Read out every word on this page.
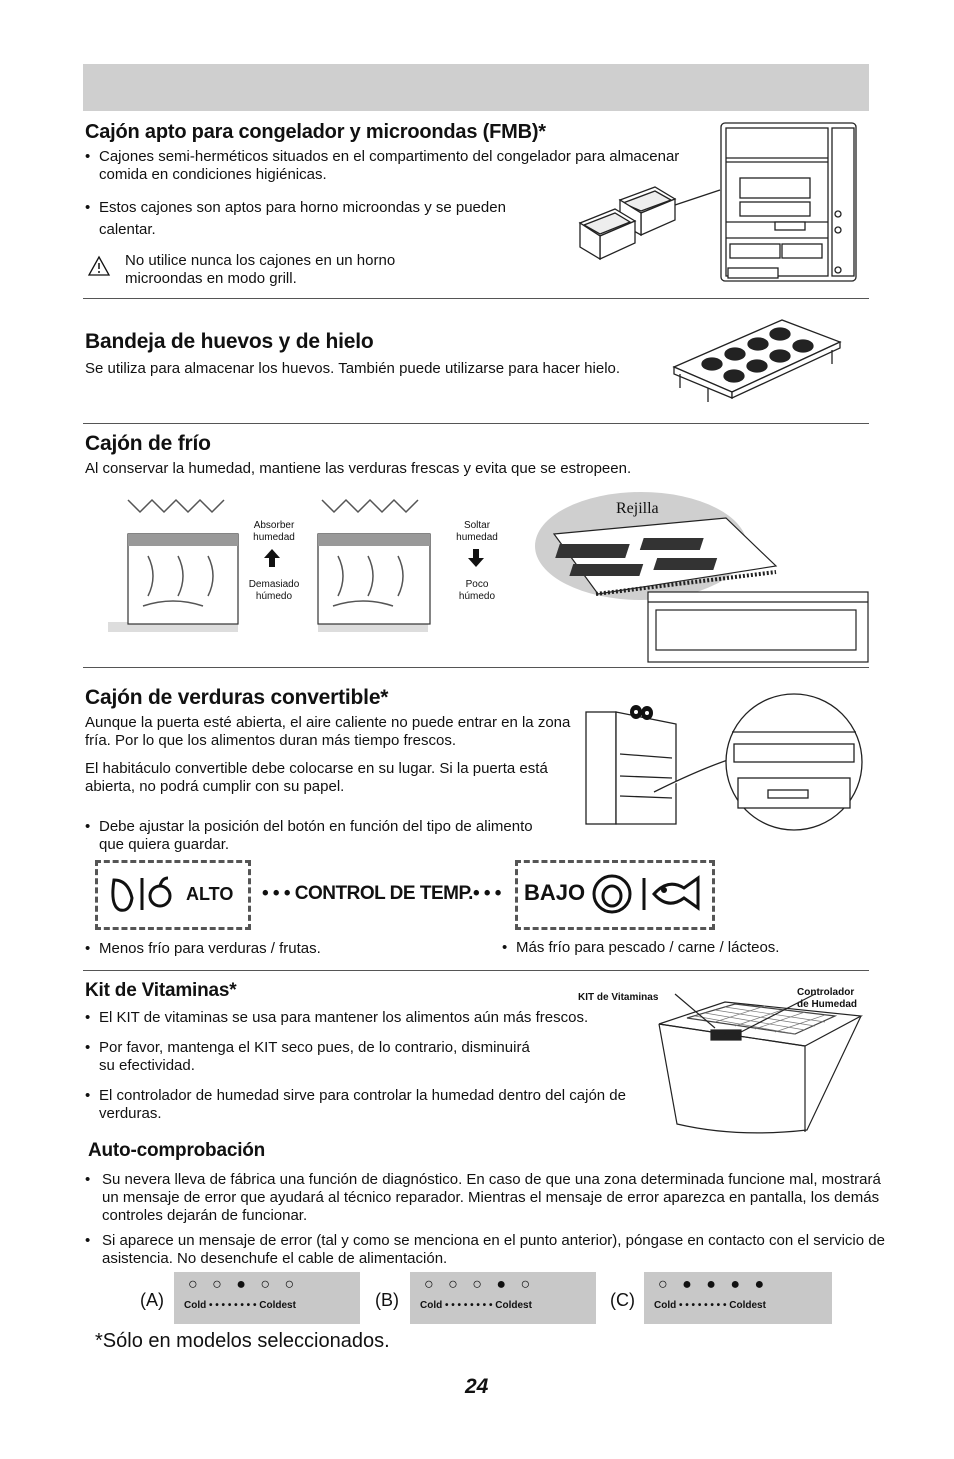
Cajón apto para congelador y microondas (FMB)*
• Cajones semi-herméticos situados en el compartimento del congelador para almacenar comida en condiciones higiénicas.
• Estos cajones son aptos para horno microondas y se pueden calentar.
No utilice nunca los cajones en un horno microondas en modo grill.
Bandeja de huevos y de hielo
Se utiliza para almacenar los huevos. También puede utilizarse para hacer hielo.
Cajón de frío
Al conservar la humedad, mantiene las verduras frescas y evita que se estropeen.
Absorber humedad
Demasiado húmedo
Soltar humedad
Poco húmedo
Rejilla
Cajón de verduras convertible*
Aunque la puerta esté abierta, el aire caliente no puede entrar en la zona fría. Por lo que los alimentos duran más tiempo frescos.
El habitáculo convertible debe colocarse en su lugar. Si la puerta está abierta, no podrá cumplir con su papel.
• Debe ajustar la posición del botón en función del tipo de alimento que quiera guardar.
ALTO • • • CONTROL DE TEMP.• • • BAJO
• Menos frío para verduras / frutas.
•	Más frío para pescado / carne / lácteos.
Kit de Vitaminas*
• El KIT de vitaminas se usa para mantener los alimentos aún más frescos.
• Por favor, mantenga el KIT seco pues, de lo contrario, disminuirá su efectividad.
• El controlador de humedad sirve para controlar la humedad dentro del cajón de verduras.
KIT de Vitaminas	Controlador
de Humedad
Auto-comprobación
• Su nevera lleva de fábrica una función de diagnóstico. En caso de que una zona determinada funcione mal, mostrará un mensaje de error que ayudará al técnico reparador. Mientras el mensaje de error aparezca en pantalla, los demás controles dejarán de funcionar.
• Si aparece un mensaje de error (tal y como se menciona en el punto anterior), póngase en contacto con el servicio de asistencia. No desenchufe el cable de alimentación.
(A)
○ ○ ● ○ ○
Cold • • • • • • • • Coldest	(B)
○ ○ ○ ● ○
Cold • • • • • • • • Coldest	(C)
○ ● ● ● ●
Cold • • • • • • • • Coldest
*Sólo en modelos seleccionados.
24
